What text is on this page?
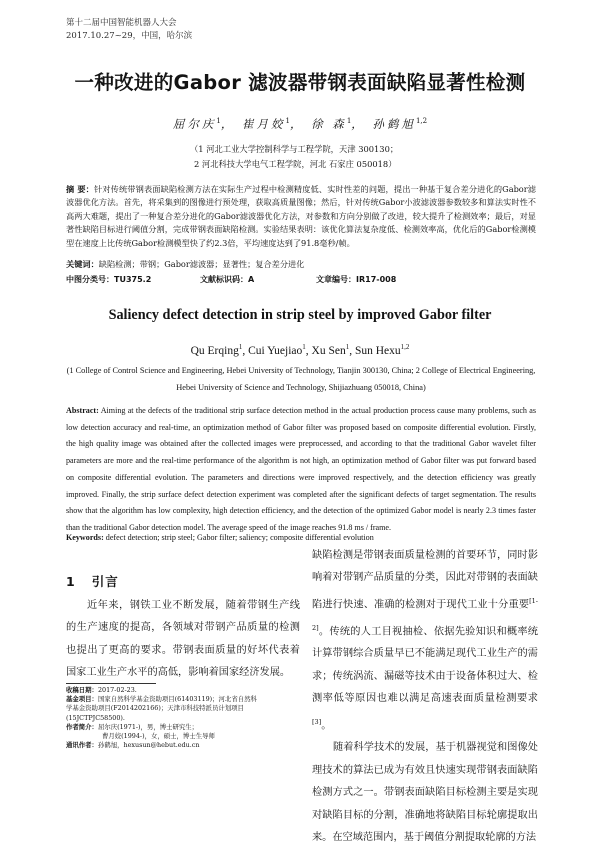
第十二届中国智能机器人大会
2017.10.27~29，中国，哈尔滨
一种改进的Gabor 滤波器带钢表面缺陷显著性检测
屈尔庆$^1$， 崔月姣$^1$， 徐 森$^1$， 孙鹤旭$^{1,2}$
（1 河北工业大学控制科学与工程学院，天津 300130；
2 河北科技大学电气工程学院，河北 石家庄 050018）
摘 要：针对传统带钢表面缺陷检测方法在实际生产过程中检测精度低、实时性差的问题，提出一种基于复合差分进化的Gabor滤波器优化方法。首先，将采集到的图像进行预处理，获取高质量图像；然后，针对传统Gabor小波滤波器参数较多和算法实时性不高两大难题，提出了一种复合差分进化的Gabor滤波器优化方法，对参数和方向分别做了改进，较大提升了检测效率；最后，对显著性缺陷目标进行阈值分割，完成带钢表面缺陷检测。实验结果表明：该优化算法复杂度低、检测效率高，优化后的Gabor检测模型在速度上比传统Gabor检测模型快了约2.3倍，平均速度达到了91.8毫秒/帧。
关键词：缺陷检测；带钢；Gabor滤波器；显著性；复合差分进化
中图分类号：TU375.2	文献标识码：A	文章编号：IR17-008
Saliency defect detection in strip steel by improved Gabor filter
Qu Erqing$^1$, Cui Yuejiao$^1$, Xu Sen$^1$, Sun Hexu$^{1,2}$
(1 College of Control Science and Engineering, Hebei University of Technology, Tianjin 300130, China; 2 College of Electrical Engineering, Hebei University of Science and Technology, Shijiazhuang 050018, China)
Abstract: Aiming at the defects of the traditional strip surface detection method in the actual production process cause many problems, such as low detection accuracy and real-time, an optimization method of Gabor filter was proposed based on composite differential evolution. Firstly, the high quality image was obtained after the collected images were preprocessed, and according to that the traditional Gabor wavelet filter parameters are more and the real-time performance of the algorithm is not high, an optimization method of Gabor filter was put forward based on composite differential evolution. The parameters and directions were improved respectively, and the detection efficiency was greatly improved. Finally, the strip surface defect detection experiment was completed after the significant defects of target segmentation. The results show that the algorithm has low complexity, high detection efficiency, and the detection of the optimized Gabor model is nearly 2.3 times faster than the traditional Gabor detection model. The average speed of the image reaches 91.8 ms / frame.
Keywords: defect detection; strip steel; Gabor filter; saliency; composite differential evolution
1 引言
近年来，钢铁工业不断发展，随着带钢生产线的生产速度的提高，各领域对带钢产品质量的检测也提出了更高的要求。带钢表面质量的好坏代表着国家工业生产水平的高低，影响着国家经济发展。
缺陷检测是带钢表面质量检测的首要环节，同时影响着对带钢产品质量的分类，因此对带钢的表面缺陷进行快速、准确的检测对于现代工业十分重要[1-2]。传统的人工目视抽检、依据先验知识和概率统计算带钢综合质量早已不能满足现代工业生产的需求；传统涡流、漏磁等技术由于设备体积过大、检测率低等原因也难以满足高速表面质量检测要求[3]。
随着科学技术的发展，基于机器视觉和图像处理技术的算法已成为有效且快速实现带钢表面缺陷检测方式之一。带钢表面缺陷目标检测主要是实现对缺陷目标的分割，准确地将缺陷目标轮廓提取出来。在空域范围内，基于阈值分割提取轮廓的方法
收稿日期：2017-02-23.
基金项目：国家自然科学基金资助项目(61403119)；河北省自然科
学基金资助项目(F2014202166)；天津市科技特派员计划项目
(15JCTPJC58500).
作者简介：屈尔庆(1971-)，男，博士研究生；
曹月姣(1994-)，女，硕士，博士生导师
通讯作者：孙鹤旭，hexusun@hebut.edu.cn
